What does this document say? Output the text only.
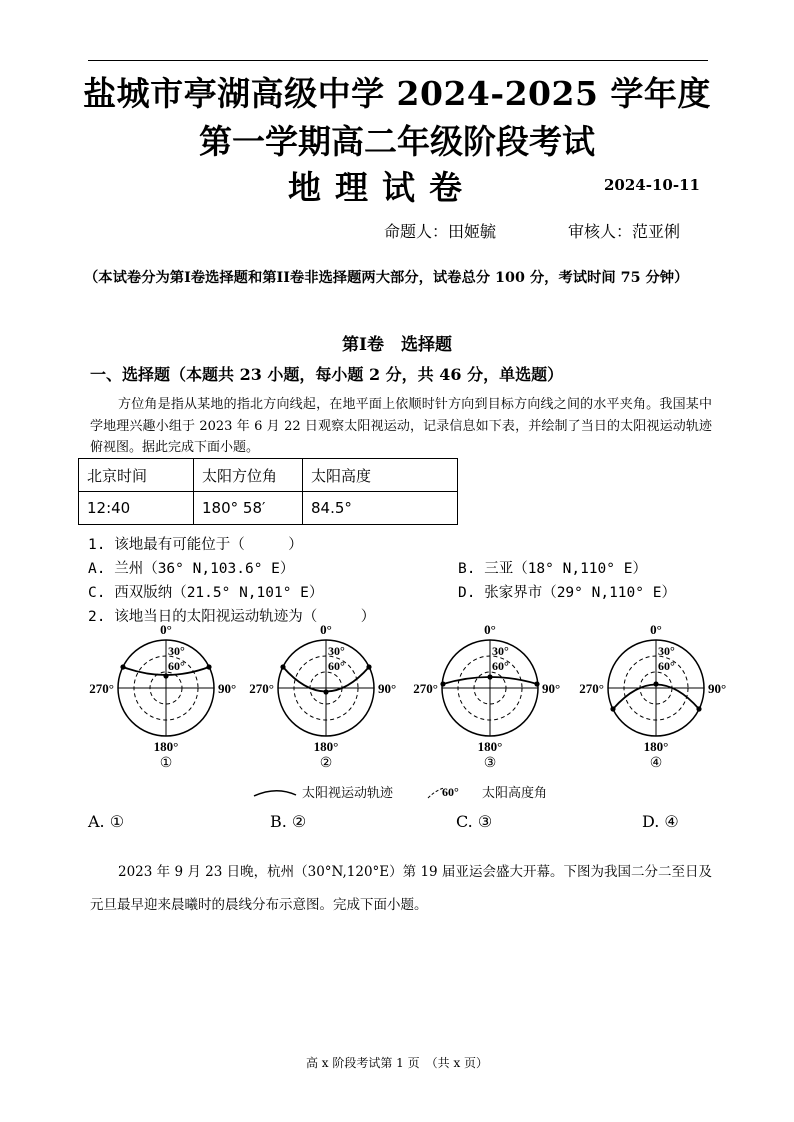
盐城市亭湖高级中学 2024-2025 学年度
第一学期高二年级阶段考试
地理试卷	2024-10-11
命题人：田姬毓	审核人：范亚俐
（本试卷分为第I卷选择题和第II卷非选择题两大部分，试卷总分 100 分，考试时间 75 分钟）
第I卷　选择题
一、选择题（本题共 23 小题，每小题 2 分，共 46 分，单选题）
方位角是指从某地的指北方向线起，在地平面上依顺时针方向到目标方向线之间的水平夹角。我国某中学地理兴趣小组于 2023 年 6 月 22 日观察太阳视运动，记录信息如下表，并绘制了当日的太阳视运动轨迹俯视图。据此完成下面小题。
北京时间	太阳方位角	太阳高度
12:40	180° 58′	84.5°
1. 该地最有可能位于（　　　）
A. 兰州（36° N,103.6° E）	B. 三亚（18° N,110° E）
C. 西双版纳（21.5° N,101° E）	D. 张家界市（29° N,110° E）
2. 该地当日的太阳视运动轨迹为（　　　）
0°
180°
270°	90°
30°
60°
①
0°
180°
270°	90°
30°
60°
②
0°
180°
270°	90°
30°
60°
③
0°
180°
270°	90°
30°
60°
④
太阳视运动轨迹	60° 太阳高度角
A. ①	B. ②	C. ③	D. ④
2023 年 9 月 23 日晚，杭州（30°N,120°E）第 19 届亚运会盛大开幕。下图为我国二分二至日及元旦最早迎来晨曦时的晨线分布示意图。完成下面小题。
高 x 阶段考试第 1 页　（共 x 页）
